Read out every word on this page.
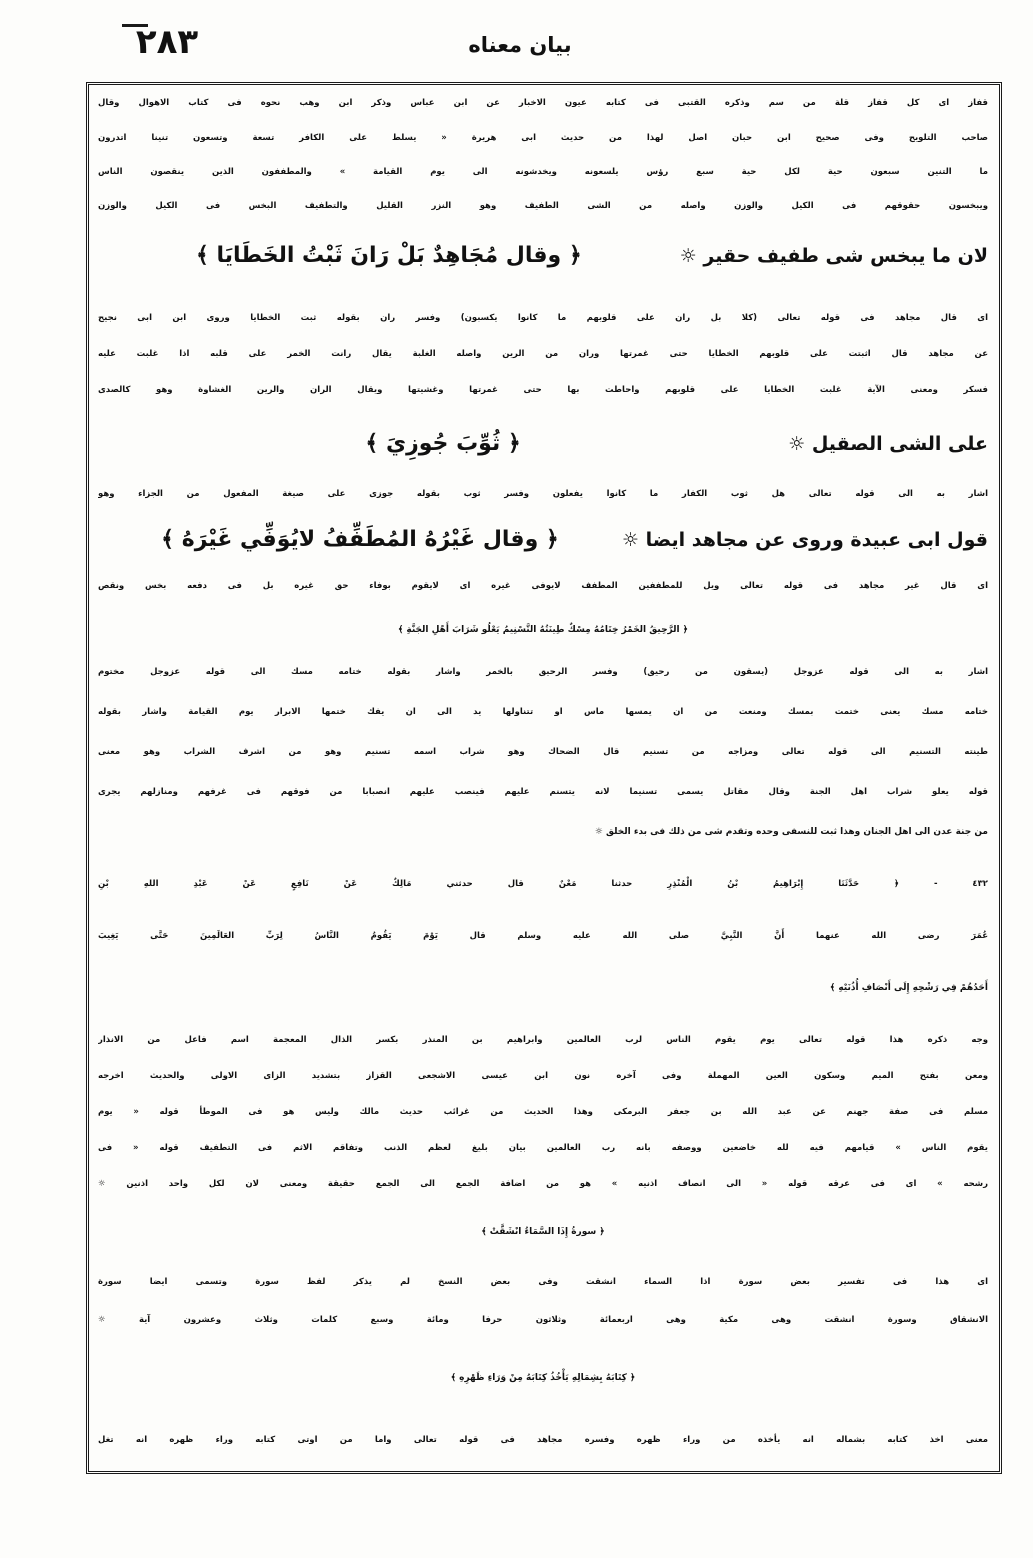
٢٨٣	بيان معناه
قفاز اى كل قفاز قلة من سم وذكره القتبى فى كتابه عيون الاخبار عن ابن عباس وذكر ابن وهب نحوه فى كتاب الاهوال وقال
صاحب التلويح وفى صحيح ابن حبان اصل لهذا من حديث ابى هريرة « يسلط على الكافر تسعة وتسعون تنينا اتدرون
ما التنين سبعون حية لكل حية سبع رؤس يلسعونه ويخدشونه الى يوم القيامة » والمطففون الذين ينقصون الناس
ويبخسون حقوقهم فى الكيل والوزن واصله من الشى الطفيف وهو النزر القليل والتطفيف البخس فى الكيل والوزن
لان ما يبخس شى طفيف حقير ☼
﴿ وقال مُجَاهِدٌ بَلْ رَانَ ثَبْتُ الخَطَايَا ﴾
اى قال مجاهد فى قوله تعالى (كلا بل ران على قلوبهم ما كانوا يكسبون) وفسر ران بقوله ثبت الخطايا وروى ابن ابى نجيح
عن مجاهد قال اثبتت على قلوبهم الخطايا حتى غمرتها وران من الرين واصله الغلبة يقال رانت الخمر على قلبه اذا غلبت عليه
فسكر ومعنى الآية غلبت الخطايا على قلوبهم واحاطت بها حتى غمرتها وغشيتها ويقال الران والرين الغشاوة وهو كالصدى
على الشى الصقيل ☼
﴿ ثُوِّبَ جُوزِيَ ﴾
اشار به الى قوله تعالى هل ثوب الكفار ما كانوا يفعلون وفسر ثوب بقوله جوزى على صيغة المفعول من الجزاء وهو
قول ابى عبيدة وروى عن مجاهد ايضا ☼
﴿ وقال غَيْرُهُ المُطَفِّفُ لايُوَفِّي غَيْرَهُ ﴾
اى قال غير مجاهد فى قوله تعالى ويل للمطففين المطفف لايوفى غيره اى لايقوم بوفاء حق غيره بل فى دفعه بخس ونقص
﴿ الرَّحِيقُ الخَمْرُ خِتَامُهُ مِسْكٌ طِينَتُهُ التَّسْنِيمُ يَعْلُو شَرَابَ أَهْلِ الجَنَّةِ ﴾
اشار به الى قوله عزوجل (يسقون من رحيق) وفسر الرحيق بالخمر واشار بقوله ختامه مسك الى قوله عزوجل مختوم
ختامه مسك يعنى ختمت بمسك ومنعت من ان يمسها ماس او تتناولها يد الى ان يفك ختمها الابرار يوم القيامة واشار بقوله
طينته التسنيم الى قوله تعالى ومزاجه من تسنيم قال الضحاك وهو شراب اسمه تسنيم وهو من اشرف الشراب وهو معنى
قوله يعلو شراب اهل الجنة وقال مقاتل يسمى تسنيما لانه يتسنم عليهم فينصب عليهم انصبابا من فوقهم فى غرفهم ومنازلهم يجرى
من جنة عدن الى اهل الجنان وهذا ثبت للنسفى وحده وتقدم شى من ذلك فى بدء الخلق ☼
٤٣٢ - ﴿ حَدَّثَنَا إِبْرَاهِيمُ بْنُ الْمُنْذِرِ حدثنا مَعْنٌ قال حدثني مَالِكٌ عَنْ نَافِعٍ عَنْ عَبْدِ اللهِ بْنِ
عُمَرَ رضى الله عنهما أَنَّ النَّبِيَّ صلى الله عليه وسلم قال يَوْمَ يَقُومُ النَّاسُ لِرَبِّ العَالَمِينَ حَتَّى يَغِيبَ
أَحَدُهُمْ فِي رَشْحِهِ إِلَى أَنْصَافِ أُذُنَيْهِ ﴾
وجه ذكره هذا قوله تعالى يوم يقوم الناس لرب العالمين وابراهيم بن المنذر بكسر الذال المعجمة اسم فاعل من الانذار
ومعن بفتح الميم وسكون العين المهملة وفى آخره نون ابن عيسى الاشجعى القزاز بتشديد الزاى الاولى والحديث اخرجه
مسلم فى صفة جهنم عن عبد الله بن جعفر البرمكى وهذا الحديث من غرائب حديث مالك وليس هو فى الموطأ قوله « يوم
يقوم الناس » قيامهم فيه لله خاضعين ووصفه بانه رب العالمين بيان بليغ لعظم الذنب وتفاقم الاثم فى التطفيف قوله « فى
رشحه » اى فى عرقه قوله « الى انصاف اذنيه » هو من اضافة الجمع الى الجمع حقيقة ومعنى لان لكل واحد اذنين ☼
﴿ سورةُ إِذَا السَّمَاءُ انْشَقَّتْ ﴾
اى هذا فى تفسير بعض سورة اذا السماء انشقت وفى بعض النسخ لم يذكر لفظ سورة وتسمى ايضا سورة
الانشقاق وسورة انشقت وهى مكية وهى اربعمائة وثلاثون حرفا ومائة وسبع كلمات وثلاث وعشرون آية ☼
﴿ كِتَابَهُ بِشِمَالِهِ يَأْخُذُ كِتَابَهُ مِنْ وَرَاءِ ظَهْرِهِ ﴾
معنى اخذ كتابه بشماله انه يأخذه من وراء ظهره وفسره مجاهد فى قوله تعالى واما من اوتى كتابه وراء ظهره انه تغل
